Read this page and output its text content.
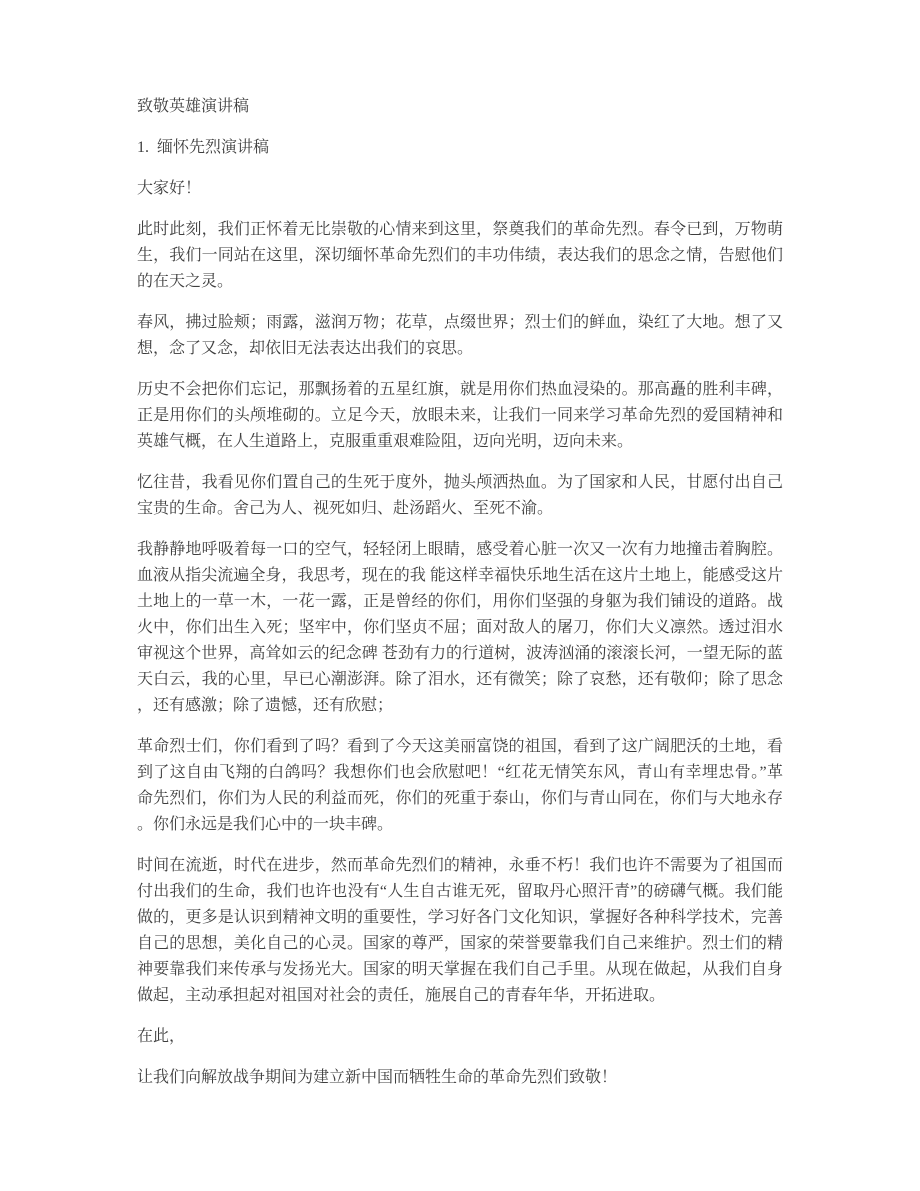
致敬英雄演讲稿

1.  缅怀先烈演讲稿

大家好！

此时此刻，我们正怀着无比崇敬的心情来到这里，祭奠我们的革命先烈。春令已到，万物萌生，我们一同站在这里，深切缅怀革命先烈们的丰功伟绩，表达我们的思念之情，告慰他们的在天之灵。

春风，拂过脸颊；雨露，滋润万物；花草，点缀世界；烈士们的鲜血，染红了大地。想了又想，念了又念，却依旧无法表达出我们的哀思。

历史不会把你们忘记，那飘扬着的五星红旗，就是用你们热血浸染的。那高矗的胜利丰碑，正是用你们的头颅堆砌的。立足今天，放眼未来，让我们一同来学习革命先烈的爱国精神和英雄气概，在人生道路上，克服重重艰难险阻，迈向光明，迈向未来。

忆往昔，我看见你们置自己的生死于度外，抛头颅洒热血。为了国家和人民，甘愿付出自己宝贵的生命。舍己为人、视死如归、赴汤蹈火、至死不渝。

我静静地呼吸着每一口的空气，轻轻闭上眼睛，感受着心脏一次又一次有力地撞击着胸腔。血液从指尖流遍全身，我思考，现在的我 能这样幸福快乐地生活在这片土地上，能感受这片土地上的一草一木，一花一露，正是曾经的你们，用你们坚强的身躯为我们铺设的道路。战火中，你们出生入死；坚牢中，你们坚贞不屈；面对敌人的屠刀，你们大义凛然。透过泪水审视这个世界，高耸如云的纪念碑 苍劲有力的行道树，波涛汹涌的滚滚长河，一望无际的蓝天白云，我的心里，早已心潮澎湃。除了泪水，还有微笑；除了哀愁，还有敬仰；除了思念，还有感激；除了遗憾，还有欣慰；

革命烈士们，你们看到了吗？看到了今天这美丽富饶的祖国，看到了这广阔肥沃的土地，看到了这自由飞翔的白鸽吗？我想你们也会欣慰吧！“红花无情笑东风，青山有幸埋忠骨。”革命先烈们，你们为人民的利益而死，你们的死重于泰山，你们与青山同在，你们与大地永存。你们永远是我们心中的一块丰碑。

时间在流逝，时代在进步，然而革命先烈们的精神，永垂不朽！我们也许不需要为了祖国而付出我们的生命，我们也许也没有“人生自古谁无死，留取丹心照汗青”的磅礴气概。我们能做的，更多是认识到精神文明的重要性，学习好各门文化知识，掌握好各种科学技术，完善自己的思想，美化自己的心灵。国家的尊严，国家的荣誉要靠我们自己来维护。烈士们的精神要靠我们来传承与发扬光大。国家的明天掌握在我们自己手里。从现在做起，从我们自身做起，主动承担起对祖国对社会的责任，施展自己的青春年华，开拓进取。

在此，

让我们向解放战争期间为建立新中国而牺牲生命的革命先烈们致敬！
